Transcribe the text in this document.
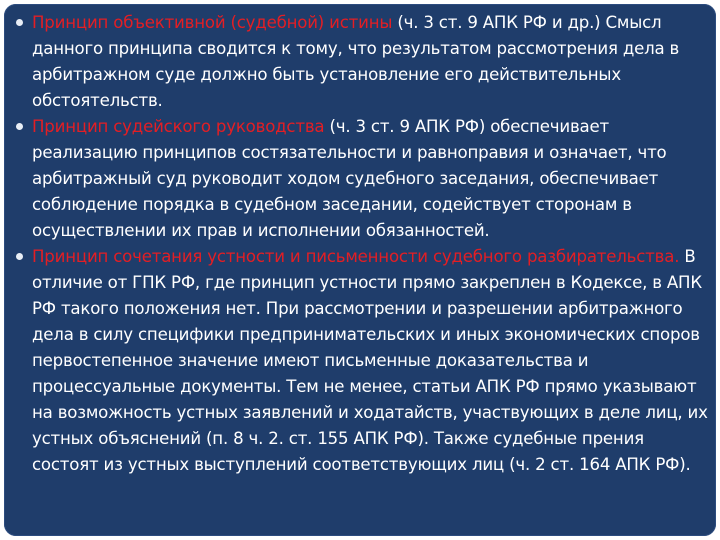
Принцип объективной (судебной) истины (ч. 3 ст. 9 АПК РФ и др.) Смысл данного принципа сводится к тому, что результатом рассмотрения дела в арбитражном суде должно быть установление его действительных обстоятельств.

Принцип судейского руководства (ч. 3 ст. 9 АПК РФ) обеспечивает реализацию принципов состязательности и равноправия и означает, что арбитражный суд руководит ходом судебного заседания, обеспечивает соблюдение порядка в судебном заседании, содействует сторонам в осуществлении их прав и исполнении обязанностей.

Принцип сочетания устности и письменности судебного разбирательства. В отличие от ГПК РФ, где принцип устности прямо закреплен в Кодексе, в АПК РФ такого положения нет. При рассмотрении и разрешении арбитражного дела в силу специфики предпринимательских и иных экономических споров первостепенное значение имеют письменные доказательства и процессуальные документы. Тем не менее, статьи АПК РФ прямо указывают на возможность устных заявлений и ходатайств, участвующих в деле лиц, их устных объяснений (п. 8 ч. 2. ст. 155 АПК РФ). Также судебные прения состоят из устных выступлений соответствующих лиц (ч. 2 ст. 164 АПК РФ).
